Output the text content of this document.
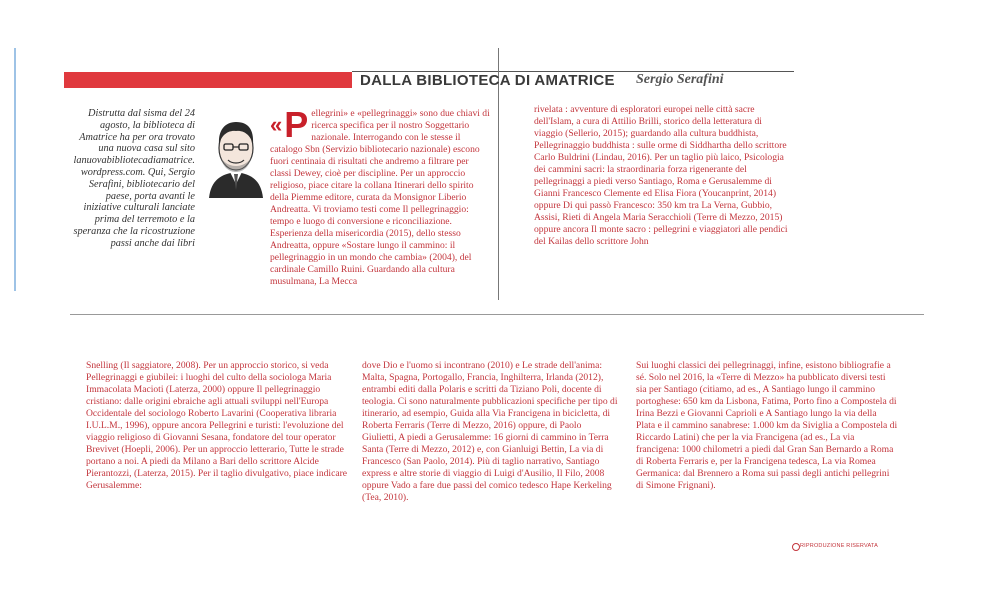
DALLA BIBLIOTECA DI AMATRICE Sergio Serafini
Distrutta dal sisma del 24 agosto, la biblioteca di Amatrice ha per ora trovato una nuova casa sul sito lanuovabibliotecadiamatrice. wordpress.com. Qui, Sergio Serafini, bibliotecario del paese, porta avanti le iniziative culturali lanciate prima del terremoto e la speranza che la ricostruzione passi anche dai libri
« P ellegrini» e «pellegrinaggi» sono due chiavi di ricerca specifica per il nostro Soggettario nazionale. Interrogando con le stesse il catalogo Sbn (Servizio bibliotecario nazionale) escono fuori centinaia di risultati che andremo a filtrare per classi Dewey, cioè per discipline. Per un approccio religioso, piace citare la collana Itinerari dello spirito della Piemme editore, curata da Monsignor Liberio Andreatta. Vi troviamo testi come Il pellegrinaggio: tempo e luogo di conversione e riconciliazione. Esperienza della misericordia (2015), dello stesso Andreatta, oppure «Sostare lungo il cammino: il pellegrinaggio in un mondo che cambia» (2004), del cardinale Camillo Ruini. Guardando alla cultura musulmana, La Mecca
rivelata : avventure di esploratori europei nelle città sacre dell'Islam, a cura di Attilio Brilli, storico della letteratura di viaggio (Sellerio, 2015); guardando alla cultura buddhista, Pellegrinaggio buddhista : sulle orme di Siddhartha dello scrittore Carlo Buldrini (Lindau, 2016). Per un taglio più laico, Psicologia dei cammini sacri: la straordinaria forza rigenerante del pellegrinaggi a piedi verso Santiago, Roma e Gerusalemme di Gianni Francesco Clemente ed Elisa Fiora (Youcanprint, 2014) oppure Di qui passò Francesco: 350 km tra La Verna, Gubbio, Assisi, Rieti di Angela Maria Seracchioli (Terre di Mezzo, 2015) oppure ancora Il monte sacro : pellegrini e viaggiatori alle pendici del Kailas dello scrittore John
Snelling (Il saggiatore, 2008). Per un approccio storico, si veda Pellegrinaggi e giubilei: i luoghi del culto della sociologa Maria Immacolata Macioti (Laterza, 2000) oppure Il pellegrinaggio cristiano: dalle origini ebraiche agli attuali sviluppi nell'Europa Occidentale del sociologo Roberto Lavarini (Cooperativa libraria I.U.L.M., 1996), oppure ancora Pellegrini e turisti: l'evoluzione del viaggio religioso di Giovanni Sesana, fondatore del tour operator Brevivet (Hoepli, 2006). Per un approccio letterario, Tutte le strade portano a noi. A piedi da Milano a Bari dello scrittore Alcide Pierantozzi, (Laterza, 2015). Per il taglio divulgativo, piace indicare Gerusalemme:
dove Dio e l'uomo si incontrano (2010) e Le strade dell'anima: Malta, Spagna, Portogallo, Francia, Inghilterra, Irlanda (2012), entrambi editi dalla Polaris e scritti da Tiziano Poli, docente di teologia. Ci sono naturalmente pubblicazioni specifiche per tipo di itinerario, ad esempio, Guida alla Via Francigena in bicicletta, di Roberta Ferraris (Terre di Mezzo, 2016) oppure, di Paolo Giulietti, A piedi a Gerusalemme: 16 giorni di cammino in Terra Santa (Terre di Mezzo, 2012) e, con Gianluigi Bettin, La via di Francesco (San Paolo, 2014). Più di taglio narrativo, Santiago express e altre storie di viaggio di Luigi d'Ausilio, Il Filo, 2008 oppure Vado a fare due passi del comico tedesco Hape Kerkeling (Tea, 2010).
Sui luoghi classici dei pellegrinaggi, infine, esistono bibliografie a sé. Solo nel 2016, la «Terre di Mezzo» ha pubblicato diversi testi sia per Santiago (citiamo, ad es., A Santiago lungo il cammino portoghese: 650 km da Lisbona, Fatima, Porto fino a Compostela di Irina Bezzi e Giovanni Caprioli e A Santiago lungo la via della Plata e il cammino sanabrese: 1.000 km da Siviglia a Compostela di Riccardo Latini) che per la via Francigena (ad es., La via francigena: 1000 chilometri a piedi dal Gran San Bernardo a Roma di Roberta Ferraris e, per la Francigena tedesca, La via Romea Germanica: dal Brennero a Roma sui passi degli antichi pellegrini di Simone Frignani).
RIPRODUZIONE RISERVATA
